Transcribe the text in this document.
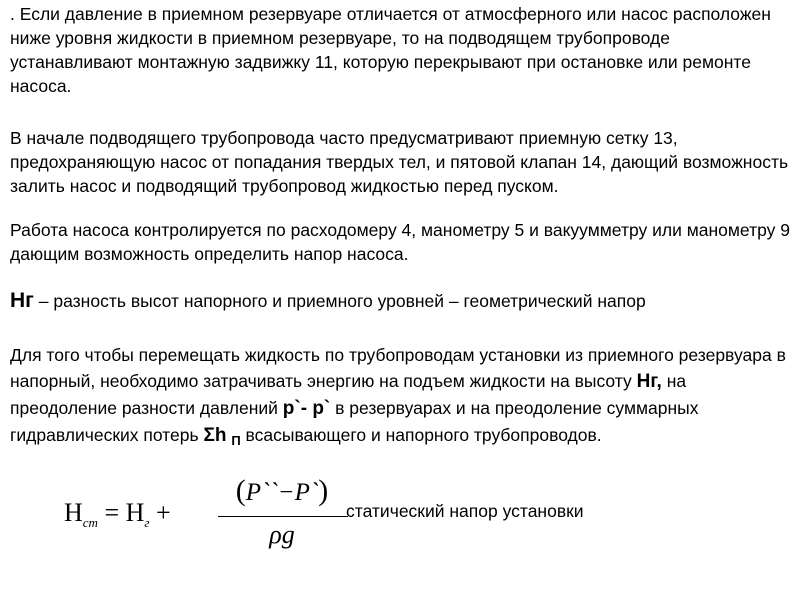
. Если давление в приемном резервуаре отличается от атмосферного или насос расположен ниже уровня жидкости в приемном резервуаре, то на подводящем трубопроводе устанавливают монтажную задвижку 11, которую перекрывают при остановке или ремонте насоса.

В начале подводящего трубопровода часто предусматривают приемную сетку 13, предохраняющую насос от попадания твердых тел, и пятовой клапан 14, дающий возможность залить насос и подводящий трубопровод жидкостью перед пуском.

Работа насоса контролируется по расходомеру 4, манометру 5 и вакуумметру или манометру 9 дающим возможность определить напор насоса.

Нг – разность высот напорного и приемного уровней – геометрический напор

Для того чтобы перемещать жидкость по трубопроводам установки из приемного резервуара в напорный, необходимо затрачивать энергию на подъем жидкости на высоту Нг, на преодоление разности давлений р`- р` в резервуарах и на преодоление суммарных гидравлических потерь Σh $_П$ всасывающего и напорного трубопроводов.

$H_{ст} = H_г$ +
(P``−P`)
ρg
статический напор установки
